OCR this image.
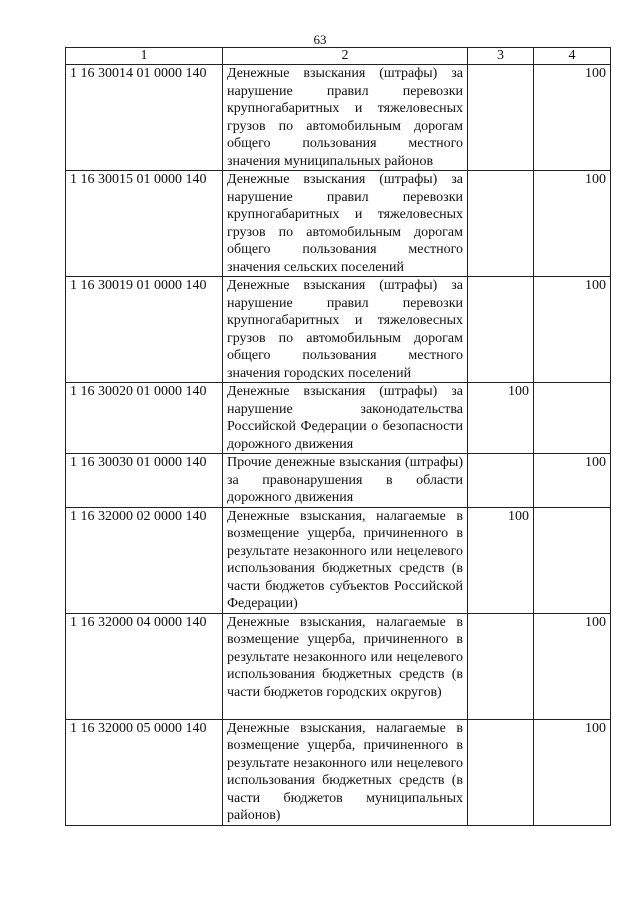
63
1	2	3	4
1 16 30014 01 0000 140	Денежные взыскания (штрафы) за нарушение правил перевозки крупногабаритных и тяжеловесных грузов по автомобильным дорогам общего пользования местного значения муниципальных районов		100
1 16 30015 01 0000 140	Денежные взыскания (штрафы) за нарушение правил перевозки крупногабаритных и тяжеловесных грузов по автомобильным дорогам общего пользования местного значения сельских поселений		100
1 16 30019 01 0000 140	Денежные взыскания (штрафы) за нарушение правил перевозки крупногабаритных и тяжеловесных грузов по автомобильным дорогам общего пользования местного значения городских поселений		100
1 16 30020 01 0000 140	Денежные взыскания (штрафы) за нарушение законодательства Российской Федерации о безопасности дорожного движения	100	
1 16 30030 01 0000 140	Прочие денежные взыскания (штрафы) за правонарушения в области дорожного движения		100
1 16 32000 02 0000 140	Денежные взыскания, налагаемые в возмещение ущерба, причиненного в результате незаконного или нецелевого использования бюджетных средств (в части бюджетов субъектов Российской Федерации)	100	
1 16 32000 04 0000 140	Денежные взыскания, налагаемые в возмещение ущерба, причиненного в результате незаконного или нецелевого использования бюджетных средств (в части бюджетов городских округов)		100
1 16 32000 05 0000 140	Денежные взыскания, налагаемые в возмещение ущерба, причиненного в результате незаконного или нецелевого использования бюджетных средств (в части бюджетов муниципальных районов)		100
